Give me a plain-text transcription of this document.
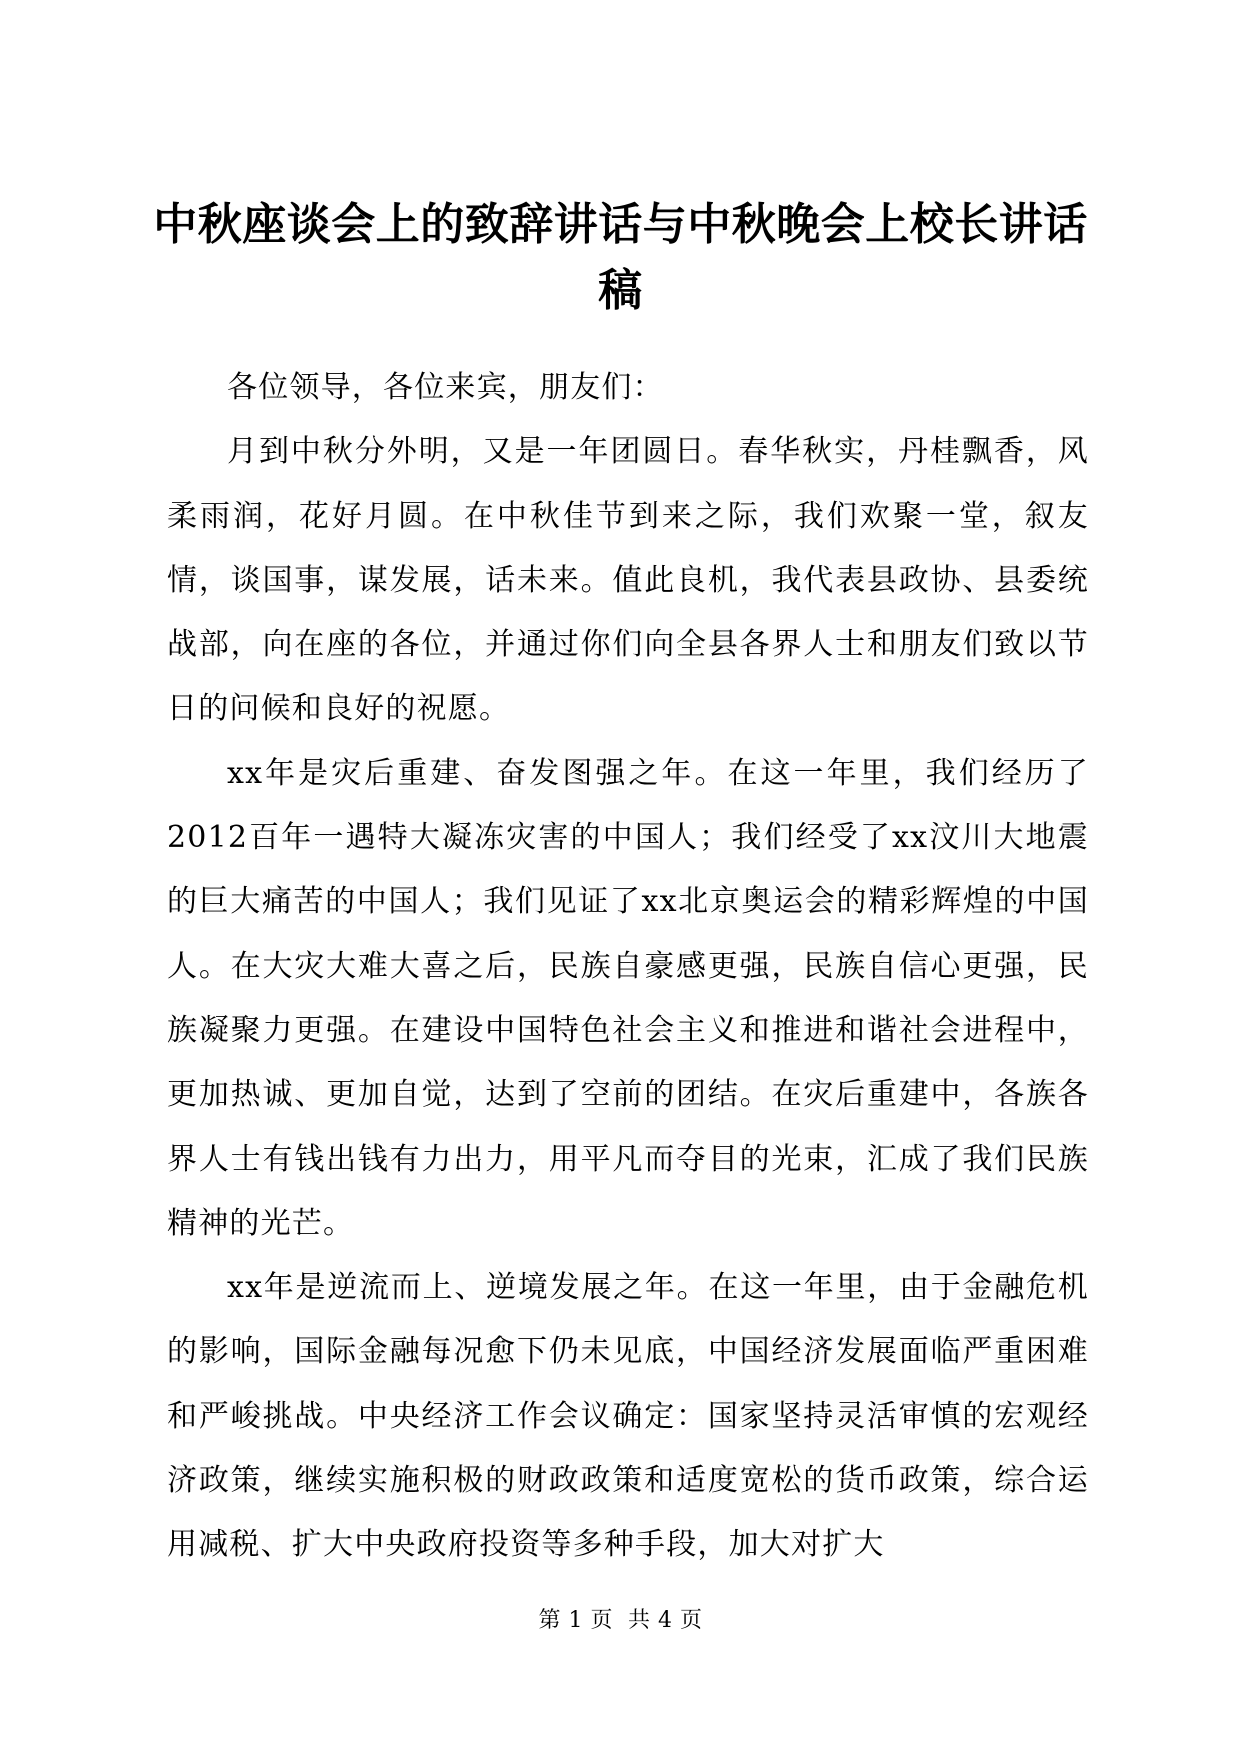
中秋座谈会上的致辞讲话与中秋晚会上校长讲话稿

各位领导，各位来宾，朋友们：

月到中秋分外明，又是一年团圆日。春华秋实，丹桂飘香，风柔雨润，花好月圆。在中秋佳节到来之际，我们欢聚一堂，叙友情，谈国事，谋发展，话未来。值此良机，我代表县政协、县委统战部，向在座的各位，并通过你们向全县各界人士和朋友们致以节日的问候和良好的祝愿。

xx年是灾后重建、奋发图强之年。在这一年里，我们经历了2012百年一遇特大凝冻灾害的中国人；我们经受了xx汶川大地震的巨大痛苦的中国人；我们见证了xx北京奥运会的精彩辉煌的中国人。在大灾大难大喜之后，民族自豪感更强，民族自信心更强，民族凝聚力更强。在建设中国特色社会主义和推进和谐社会进程中，更加热诚、更加自觉，达到了空前的团结。在灾后重建中，各族各界人士有钱出钱有力出力，用平凡而夺目的光束，汇成了我们民族精神的光芒。

xx年是逆流而上、逆境发展之年。在这一年里，由于金融危机的影响，国际金融每况愈下仍未见底，中国经济发展面临严重困难和严峻挑战。中央经济工作会议确定：国家坚持灵活审慎的宏观经济政策，继续实施积极的财政政策和适度宽松的货币政策，综合运用减税、扩大中央政府投资等多种手段，加大对扩大

第 1 页  共 4 页
